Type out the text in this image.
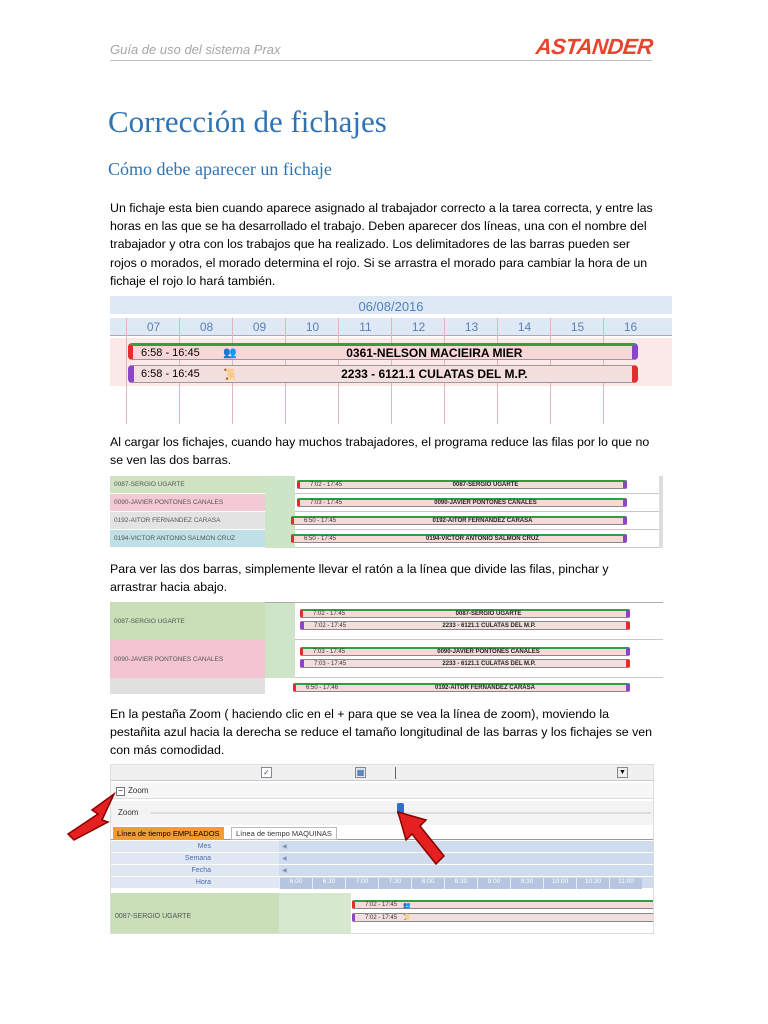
Guía de uso del sistema Prax	ASTANDER
Corrección de fichajes
Cómo debe aparecer un fichaje
Un fichaje esta bien cuando aparece asignado al trabajador correcto a la tarea correcta, y entre las horas en las que se ha desarrollado el trabajo. Deben aparecer dos líneas, una con el nombre del trabajador y otra con los trabajos que ha realizado. Los delimitadores de las barras pueden ser rojos o morados, el morado determina el rojo. Si se arrastra el morado para cambiar la hora de un fichaje el rojo lo hará también.
06/08/2016
07	08	09	10	11	12	13	14	15	16
6:58 - 16:45	👥	0361-NELSON MACIEIRA MIER
6:58 - 16:45	📜	2233 - 6121.1 CULATAS DEL M.P.
Al cargar los fichajes, cuando hay muchos trabajadores, el programa reduce las filas por lo que no se ven las dos barras.
0087-SERGIO UGARTE	7:02 - 17:45	0087-SERGIO UGARTE
0090-JAVIER PONTONES CANALES	7:03 - 17:45	0090-JAVIER PONTONES CANALES
0192-AITOR FERNANDEZ CARASA	6:50 - 17:45	0192-AITOR FERNANDEZ CARASA
0194-VICTOR ANTONIO SALMON CRUZ	6:50 - 17:45	0194-VICTOR ANTONIO SALMON CRUZ
Para ver las dos barras, simplemente llevar el ratón a la línea que divide las filas, pinchar y arrastrar hacia abajo.
0087-SERGIO UGARTE
7:02 - 17:45	0087-SERGIO UGARTE
7:02 - 17:45	2233 - 6121.1 CULATAS DEL M.P.
0090-JAVIER PONTONES CANALES
7:03 - 17:45	0090-JAVIER PONTONES CANALES
7:03 - 17:45	2233 - 6121.1 CULATAS DEL M.P.
6:50 - 17:46	0192-AITOR FERNANDEZ CARASA
En la pestaña Zoom ( haciendo clic en el + para que se vea la línea de zoom), moviendo la pestañita azul hacia la derecha se reduce el tamaño longitudinal de las barras y los fichajes se ven con más comodidad.
✓	▦	▼
− Zoom
Zoom
Línea de tiempo EMPLEADOS	Línea de tiempo MAQUINAS
Mes	◀
Semana	◀
Fecha	◀
Hora	6:00	6:30	7:00	7:30	8:00	8:30	9:00	9:30	10:00	10:30	11:00
0087-SERGIO UGARTE
7:02 - 17:45 👥
7:02 - 17:45 📜
